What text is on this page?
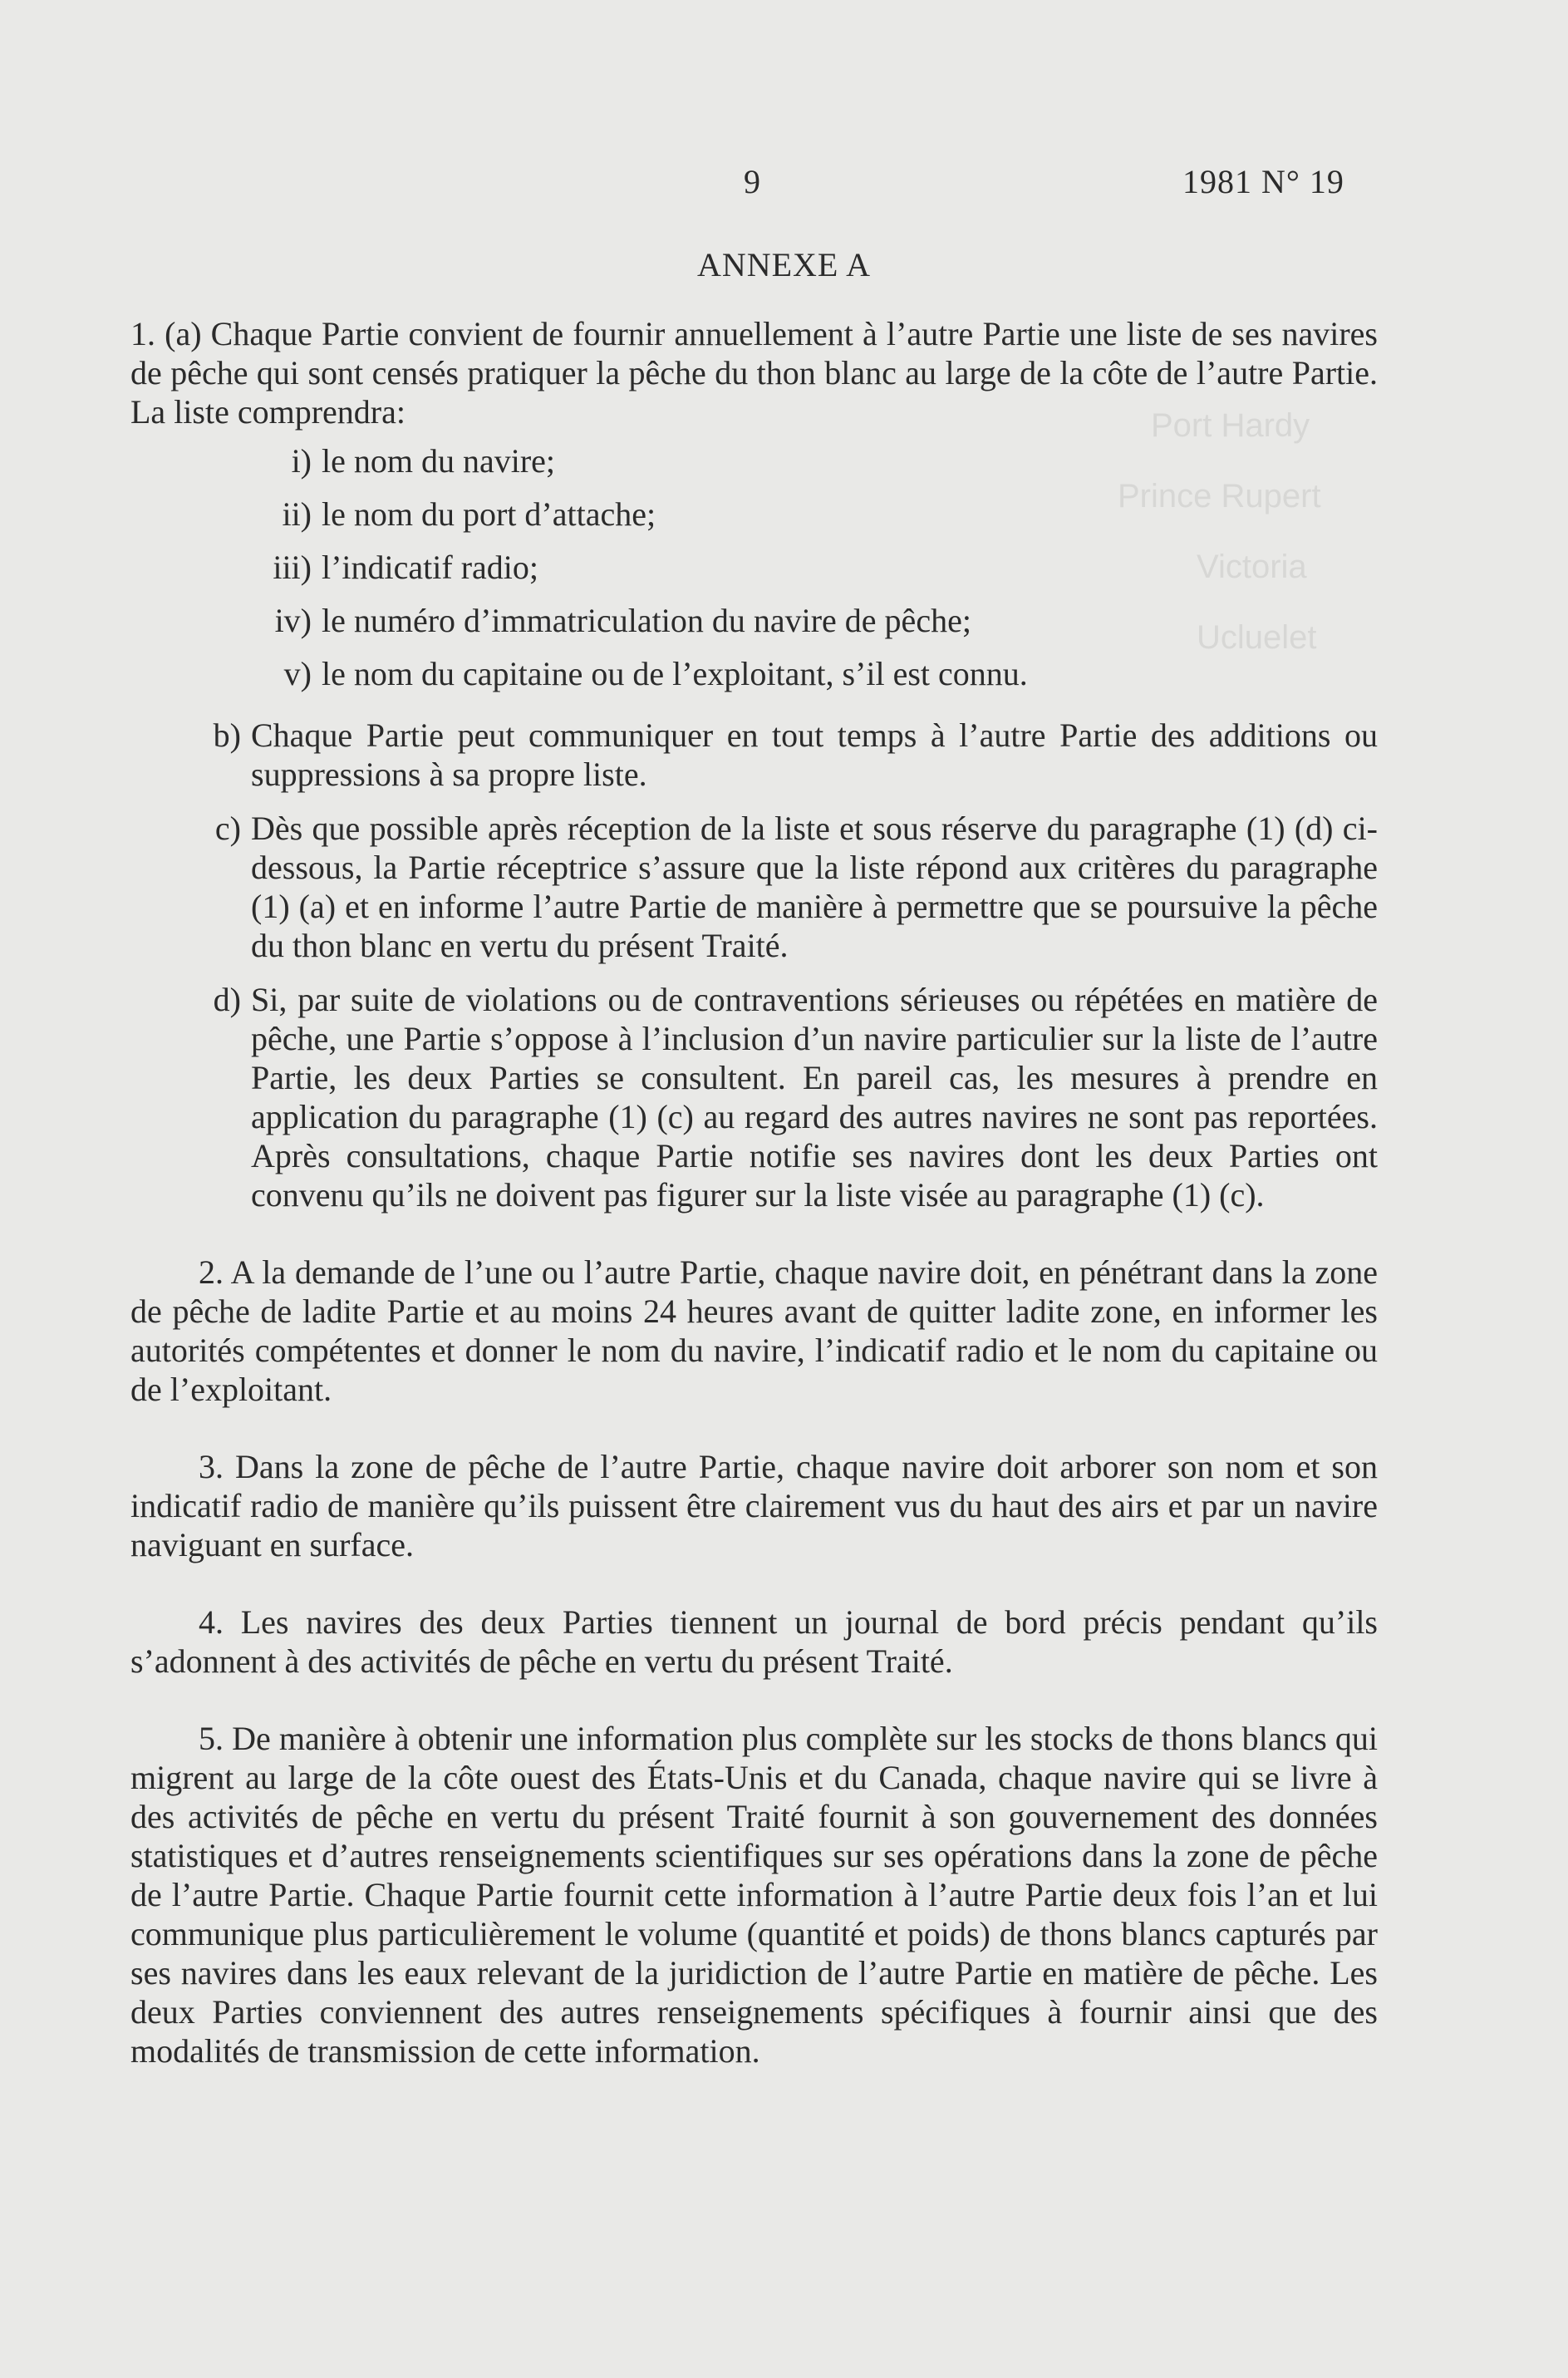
Port Hardy
Prince Rupert
Victoria
Ucluelet
9	1981 N° 19
ANNEXE A

1. (a) Chaque Partie convient de fournir annuellement à l’autre Partie une liste de ses navires de pêche qui sont censés pratiquer la pêche du thon blanc au large de la côte de l’autre Partie. La liste comprendra:

i) le nom du navire;
ii) le nom du port d’attache;
iii) l’indicatif radio;
iv) le numéro d’immatriculation du navire de pêche;
v) le nom du capitaine ou de l’exploitant, s’il est connu.
b) Chaque Partie peut communiquer en tout temps à l’autre Partie des additions ou suppressions à sa propre liste.
c) Dès que possible après réception de la liste et sous réserve du paragraphe (1) (d) ci-dessous, la Partie réceptrice s’assure que la liste répond aux critères du paragraphe (1) (a) et en informe l’autre Partie de manière à permettre que se poursuive la pêche du thon blanc en vertu du présent Traité.
d) Si, par suite de violations ou de contraventions sérieuses ou répétées en matière de pêche, une Partie s’oppose à l’inclusion d’un navire particulier sur la liste de l’autre Partie, les deux Parties se consultent. En pareil cas, les mesures à prendre en application du paragraphe (1) (c) au regard des autres navires ne sont pas reportées. Après consultations, chaque Partie notifie ses navires dont les deux Parties ont convenu qu’ils ne doivent pas figurer sur la liste visée au paragraphe (1) (c).

2. A la demande de l’une ou l’autre Partie, chaque navire doit, en pénétrant dans la zone de pêche de ladite Partie et au moins 24 heures avant de quitter ladite zone, en informer les autorités compétentes et donner le nom du navire, l’indicatif radio et le nom du capitaine ou de l’exploitant.

3. Dans la zone de pêche de l’autre Partie, chaque navire doit arborer son nom et son indicatif radio de manière qu’ils puissent être clairement vus du haut des airs et par un navire naviguant en surface.

4. Les navires des deux Parties tiennent un journal de bord précis pendant qu’ils s’adonnent à des activités de pêche en vertu du présent Traité.

5. De manière à obtenir une information plus complète sur les stocks de thons blancs qui migrent au large de la côte ouest des États-Unis et du Canada, chaque navire qui se livre à des activités de pêche en vertu du présent Traité fournit à son gouvernement des données statistiques et d’autres renseignements scientifiques sur ses opérations dans la zone de pêche de l’autre Partie. Chaque Partie fournit cette information à l’autre Partie deux fois l’an et lui communique plus particulièrement le volume (quantité et poids) de thons blancs capturés par ses navires dans les eaux relevant de la juridiction de l’autre Partie en matière de pêche. Les deux Parties conviennent des autres renseignements spécifiques à fournir ainsi que des modalités de transmission de cette information.
